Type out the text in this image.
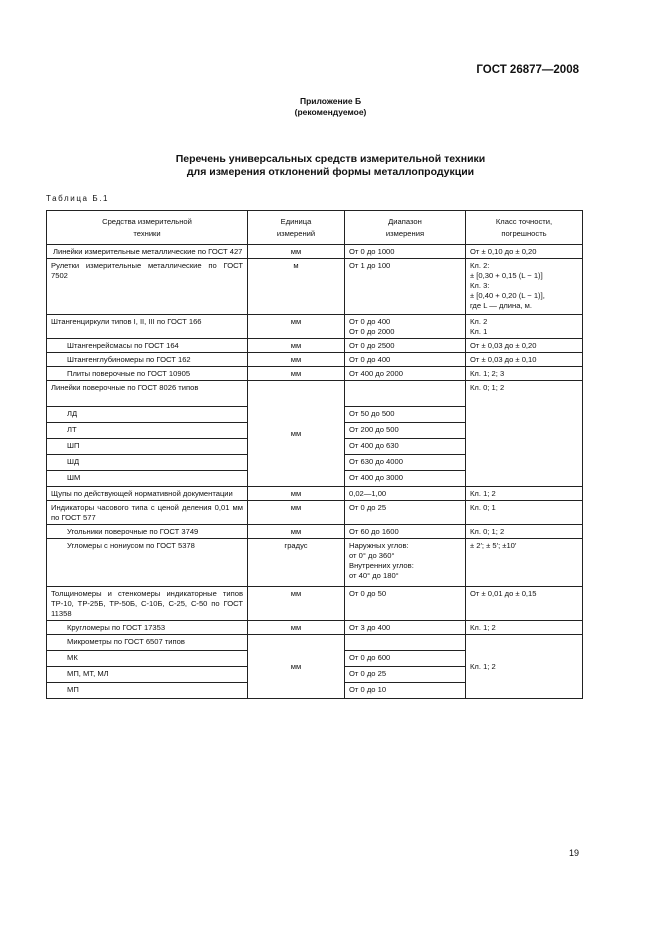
ГОСТ 26877—2008
Приложение Б
(рекомендуемое)
Перечень универсальных средств измерительной техники
для измерения отклонений формы металлопродукции
Таблица Б.1
Средства измерительной
техники	Единица
измерений	Диапазон
измерения	Класс точности,
погрешность

Линейки измерительные металлические по ГОСТ 427	мм	От 0 до 1000	От ± 0,10 до ± 0,20
Рулетки измерительные металлические по ГОСТ 7502	м	От 1 до 100	Кл. 2:
± [0,30 + 0,15 (L − 1)]
Кл. 3:
± [0,40 + 0,20 (L − 1)],
где L — длина, м.

Штангенциркули типов I, II, III по ГОСТ 166	мм	От 0 до 400
От 0 до 2000	Кл. 2
Кл. 1

Штангенрейсмасы по ГОСТ 164	мм	От 0 до 2500	От ± 0,03 до ± 0,20
Штангенглубиномеры по ГОСТ 162	мм	От 0 до 400	От ± 0,03 до ± 0,10
Плиты поверочные по ГОСТ 10905	мм	От 400 до 2000	Кл. 1; 2; 3
Линейки поверочные по ГОСТ 8026 типов	мм		Кл. 0; 1; 2
ЛД		От 50 до 500	
ЛТ		От 200 до 500	
ШП		От 400 до 630	
ШД		От 630 до 4000	
ШМ		От 400 до 3000	
Щупы по действующей нормативной документации	мм	0,02—1,00	Кл. 1; 2
Индикаторы часового типа с ценой деления 0,01 мм по ГОСТ 577	мм	От 0 до 25	Кл. 0; 1
Угольники поверочные по ГОСТ 3749	мм	От 60 до 1600	Кл. 0; 1; 2
Угломеры с нониусом по ГОСТ 5378	градус	Наружных углов:
от 0° до 360°
Внутренних углов:
от 40° до 180°	± 2′; ± 5′; ±10′
Толщиномеры и стенкомеры индикаторные типов ТР-10, ТР-25Б, ТР-50Б, С-10Б, С-25, С-50 по ГОСТ 11358	мм	От 0 до 50	От ± 0,01 до ± 0,15
Кругломеры по ГОСТ 17353	мм	От 3 до 400	Кл. 1; 2
Микрометры по ГОСТ 6507 типов	мм		Кл. 1; 2
МК		От 0 до 600	
МП, МТ, МЛ		От 0 до 25	
МП		От 0 до 10	
19
